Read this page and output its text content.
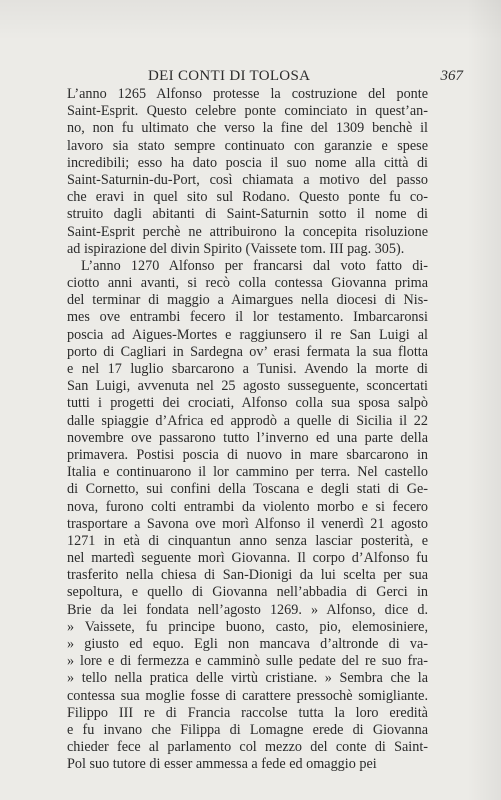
DEI CONTI DI TOLOSA	367
L’anno 1265 Alfonso protesse la costruzione del ponte
Saint-Esprit. Questo celebre ponte cominciato in quest’an-
no, non fu ultimato che verso la fine del 1309 benchè il
lavoro sia stato sempre continuato con garanzie e spese
incredibili; esso ha dato poscia il suo nome alla città di
Saint-Saturnin-du-Port, così chiamata a motivo del passo
che eravi in quel sito sul Rodano. Questo ponte fu co-
struito dagli abitanti di Saint-Saturnin sotto il nome di
Saint-Esprit perchè ne attribuirono la concepita risoluzione
ad ispirazione del divin Spirito (Vaissete tom. III pag. 305).
L’anno 1270 Alfonso per francarsi dal voto fatto di-
ciotto anni avanti, si recò colla contessa Giovanna prima
del terminar di maggio a Aimargues nella diocesi di Nis-
mes ove entrambi fecero il lor testamento. Imbarcaronsi
poscia ad Aigues-Mortes e raggiunsero il re San Luigi al
porto di Cagliari in Sardegna ov’ erasi fermata la sua flotta
e nel 17 luglio sbarcarono a Tunisi. Avendo la morte di
San Luigi, avvenuta nel 25 agosto susseguente, sconcertati
tutti i progetti dei crociati, Alfonso colla sua sposa salpò
dalle spiaggie d’Africa ed approdò a quelle di Sicilia il 22
novembre ove passarono tutto l’inverno ed una parte della
primavera. Postisi poscia di nuovo in mare sbarcarono in
Italia e continuarono il lor cammino per terra. Nel castello
di Cornetto, sui confini della Toscana e degli stati di Ge-
nova, furono colti entrambi da violento morbo e si fecero
trasportare a Savona ove morì Alfonso il venerdì 21 agosto
1271 in età di cinquantun anno senza lasciar posterità, e
nel martedì seguente morì Giovanna. Il corpo d’Alfonso fu
trasferito nella chiesa di San-Dionigi da lui scelta per sua
sepoltura, e quello di Giovanna nell’abbadia di Gerci in
Brie da lei fondata nell’agosto 1269. » Alfonso, dice d.
» Vaissete, fu principe buono, casto, pio, elemosiniere,
» giusto ed equo. Egli non mancava d’altronde di va-
» lore e di fermezza e camminò sulle pedate del re suo fra-
» tello nella pratica delle virtù cristiane. » Sembra che la
contessa sua moglie fosse di carattere pressochè somigliante.
Filippo III re di Francia raccolse tutta la loro eredità
e fu invano che Filippa di Lomagne erede di Giovanna
chieder fece al parlamento col mezzo del conte di Saint-
Pol suo tutore di esser ammessa a fede ed omaggio pei
